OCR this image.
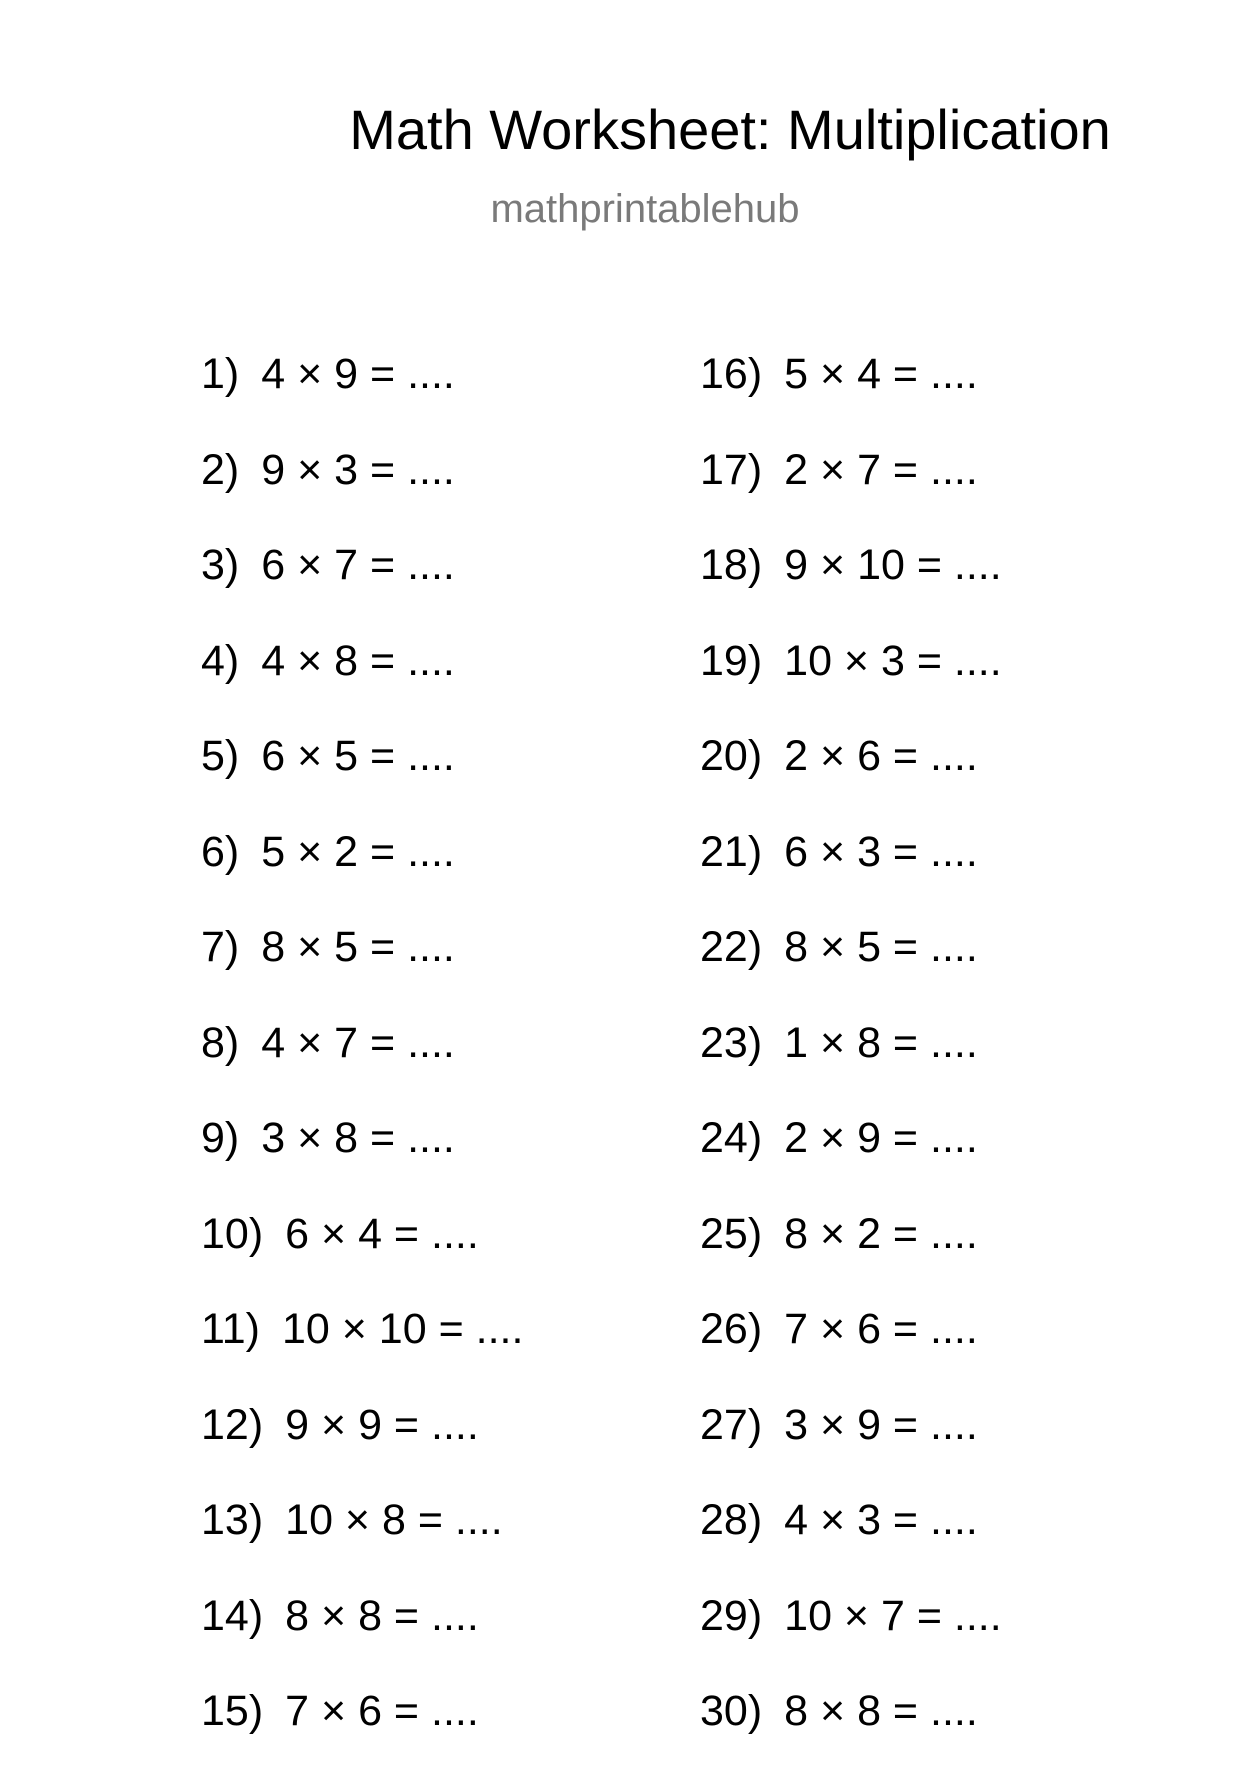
Math Worksheet: Multiplication
mathprintablehub
1) 4 × 9 = ....
2) 9 × 3 = ....
3) 6 × 7 = ....
4) 4 × 8 = ....
5) 6 × 5 = ....
6) 5 × 2 = ....
7) 8 × 5 = ....
8) 4 × 7 = ....
9) 3 × 8 = ....
10) 6 × 4 = ....
11) 10 × 10 = ....
12) 9 × 9 = ....
13) 10 × 8 = ....
14) 8 × 8 = ....
15) 7 × 6 = ....
16) 5 × 4 = ....
17) 2 × 7 = ....
18) 9 × 10 = ....
19) 10 × 3 = ....
20) 2 × 6 = ....
21) 6 × 3 = ....
22) 8 × 5 = ....
23) 1 × 8 = ....
24) 2 × 9 = ....
25) 8 × 2 = ....
26) 7 × 6 = ....
27) 3 × 9 = ....
28) 4 × 3 = ....
29) 10 × 7 = ....
30) 8 × 8 = ....
